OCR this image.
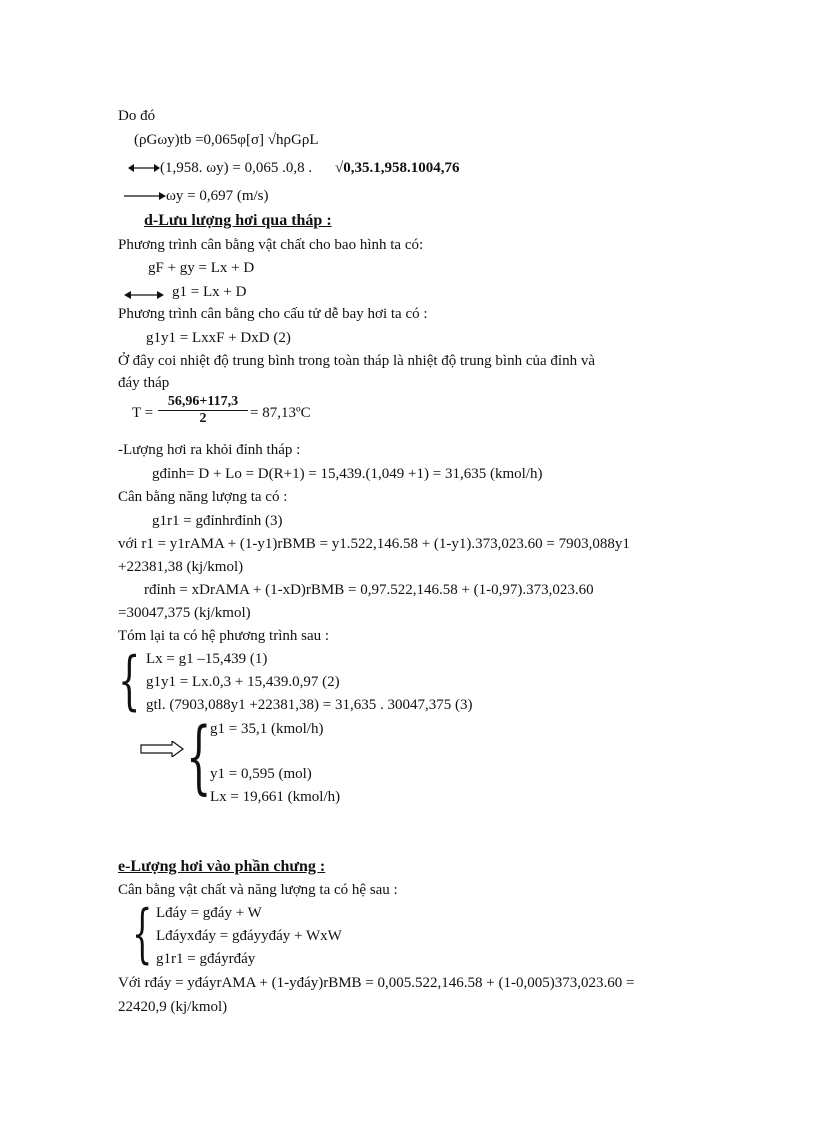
Do đó
(ρGωy)tb =0,065φ[σ] √hρGρL
(1,958. ωy) = 0,065 .0,8 . √0,35.1,958.1004,76
ωy = 0,697 (m/s)
d-Lưu lượng hơi qua tháp :
Phương trình cân bằng vật chất cho bao hình ta có:
gF + gy = Lx + D
g1 = Lx + D
Phương trình cân bằng cho cấu tử dễ bay hơi ta có :
g1y1 = LxxF + DxD (2)
Ở đây coi nhiệt độ trung bình trong toàn tháp là nhiệt độ trung bình của đỉnh và
đáy tháp
$T = \frac{56,96+117,3}{2}$ = 87,13ºC
-Lượng hơi ra khỏi đỉnh tháp :
gđỉnh= D + Lo = D(R+1) = 15,439.(1,049 +1) = 31,635 (kmol/h)
Cân bằng năng lượng ta có :
g1r1 = gđỉnhrđỉnh (3)
với r1 = y1rAMA + (1-y1)rBMB = y1.522,146.58 + (1-y1).373,023.60 = 7903,088y1
+22381,38 (kj/kmol)
rđỉnh = xDrAMA + (1-xD)rBMB = 0,97.522,146.58 + (1-0,97).373,023.60
=30047,375 (kj/kmol)
Tóm lại ta có hệ phương trình sau :
{ Lx = g1 –15,439 (1)
g1y1 = Lx.0,3 + 15,439.0,97 (2)
gtl. (7903,088y1 +22381,38) = 31,635 . 30047,375 (3)
{
g1 = 35,1 (kmol/h)
y1 = 0,595 (mol)
Lx = 19,661 (kmol/h)
e-Lượng hơi vào phần chưng :
Cân bằng vật chất và năng lượng ta có hệ sau :
{ Lđáy = gđáy + W
Lđáyxđáy = gđáyyđáy + WxW
g1r1 = gđáyrđáy
Với rđáy = yđáyrAMA + (1-yđáy)rBMB = 0,005.522,146.58 + (1-0,005)373,023.60 =
22420,9 (kj/kmol)
